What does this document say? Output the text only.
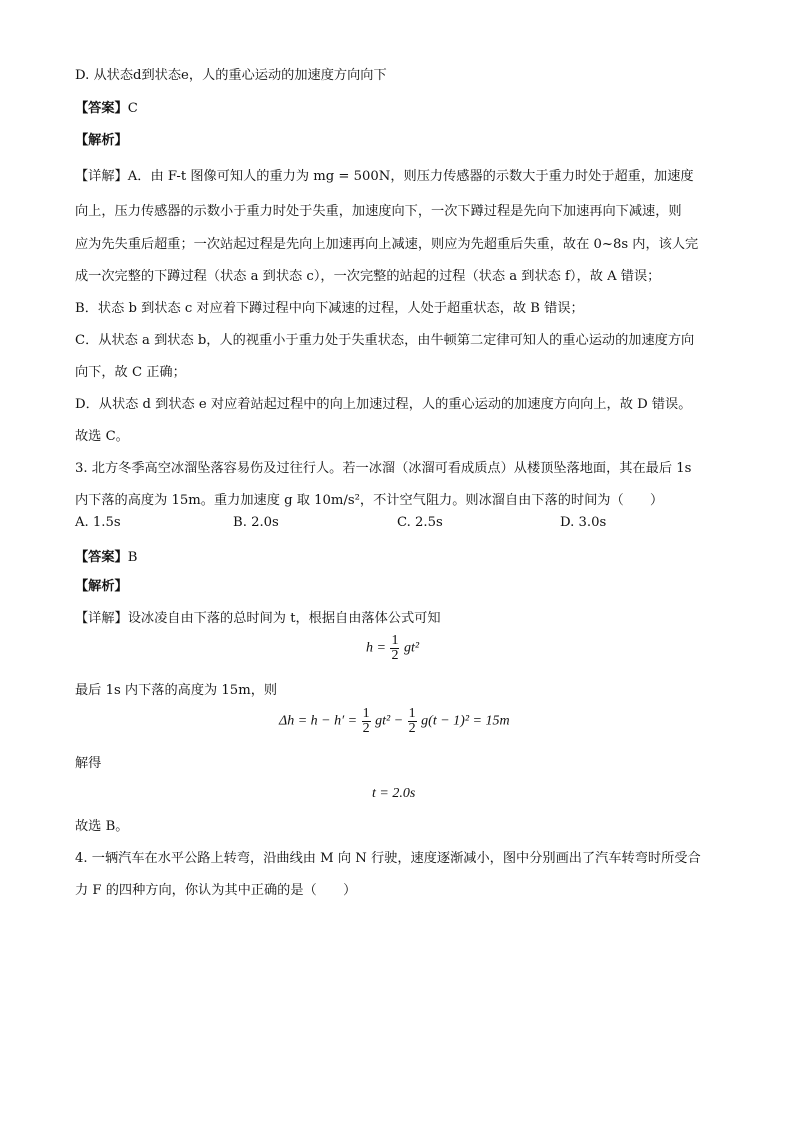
D. 从状态d到状态e，人的重心运动的加速度方向向下
【答案】C
【解析】
【详解】A．由 F-t 图像可知人的重力为 mg = 500N，则压力传感器的示数大于重力时处于超重，加速度
向上，压力传感器的示数小于重力时处于失重，加速度向下，一次下蹲过程是先向下加速再向下减速，则
应为先失重后超重；一次站起过程是先向上加速再向上减速，则应为先超重后失重，故在 0~8s 内，该人完
成一次完整的下蹲过程（状态 a 到状态 c），一次完整的站起的过程（状态 a 到状态 f），故 A 错误；
B．状态 b 到状态 c 对应着下蹲过程中向下减速的过程，人处于超重状态，故 B 错误；
C．从状态 a 到状态 b，人的视重小于重力处于失重状态，由牛顿第二定律可知人的重心运动的加速度方向
向下，故 C 正确；
D．从状态 d 到状态 e 对应着站起过程中的向上加速过程，人的重心运动的加速度方向向上，故 D 错误。
故选 C。
3. 北方冬季高空冰溜坠落容易伤及过往行人。若一冰溜（冰溜可看成质点）从楼顶坠落地面，其在最后 1s
内下落的高度为 15m。重力加速度 g 取 10m/s²，不计空气阻力。则冰溜自由下落的时间为（　　）
A. 1.5s	B. 2.0s	C. 2.5s	D. 3.0s
【答案】B
【解析】
【详解】设冰凌自由下落的总时间为 t，根据自由落体公式可知
$h = \frac{1}{2} gt^2$
最后 1s 内下落的高度为 15m，则
$\Delta h = h - h' = \frac{1}{2} gt^2 - \frac{1}{2} g(t - 1)^2 = 15m$
解得
t = 2.0s
故选 B。
4. 一辆汽车在水平公路上转弯，沿曲线由 M 向 N 行驶，速度逐渐减小，图中分别画出了汽车转弯时所受合
力 F 的四种方向，你认为其中正确的是（　　）
